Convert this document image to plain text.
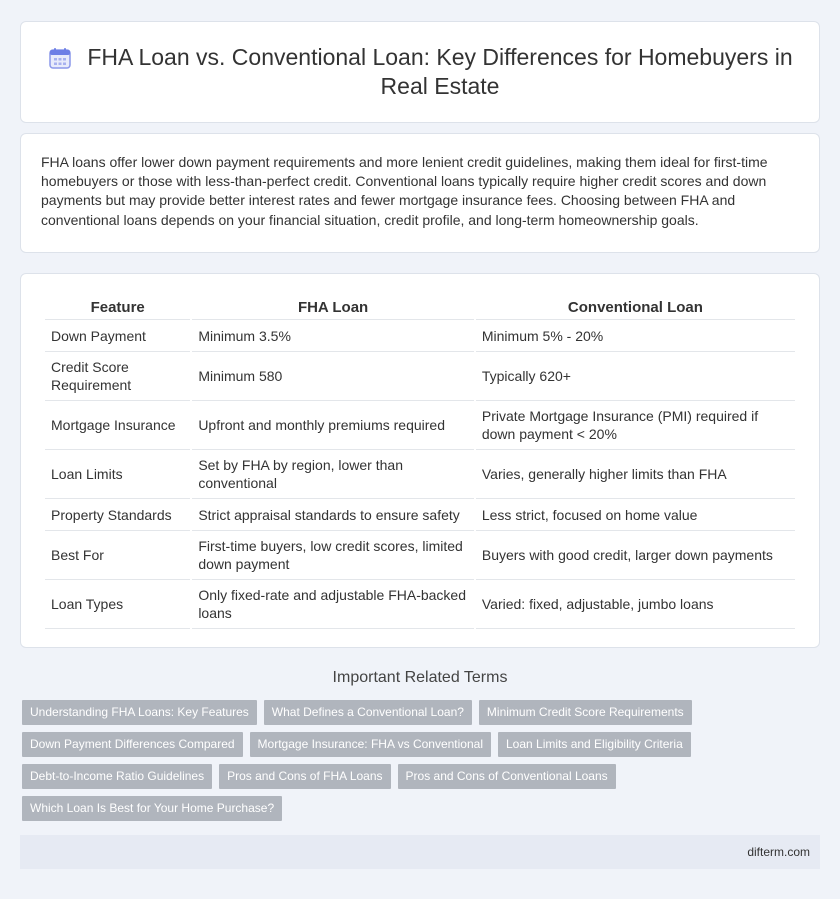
FHA Loan vs. Conventional Loan: Key Differences for Homebuyers in Real Estate

FHA loans offer lower down payment requirements and more lenient credit guidelines, making them ideal for first-time homebuyers or those with less-than-perfect credit. Conventional loans typically require higher credit scores and down payments but may provide better interest rates and fewer mortgage insurance fees. Choosing between FHA and conventional loans depends on your financial situation, credit profile, and long-term homeownership goals.

Feature	FHA Loan	Conventional Loan
Down Payment	Minimum 3.5%	Minimum 5% - 20%
Credit Score Requirement	Minimum 580	Typically 620+
Mortgage Insurance	Upfront and monthly premiums required	Private Mortgage Insurance (PMI) required if down payment < 20%
Loan Limits	Set by FHA by region, lower than conventional	Varies, generally higher limits than FHA
Property Standards	Strict appraisal standards to ensure safety	Less strict, focused on home value
Best For	First-time buyers, low credit scores, limited down payment	Buyers with good credit, larger down payments
Loan Types	Only fixed-rate and adjustable FHA-backed loans	Varied: fixed, adjustable, jumbo loans
Important Related Terms
Understanding FHA Loans: Key Features	What Defines a Conventional Loan?	Minimum Credit Score Requirements
Down Payment Differences Compared	Mortgage Insurance: FHA vs Conventional	Loan Limits and Eligibility Criteria
Debt-to-Income Ratio Guidelines	Pros and Cons of FHA Loans	Pros and Cons of Conventional Loans
Which Loan Is Best for Your Home Purchase?
difterm.com
